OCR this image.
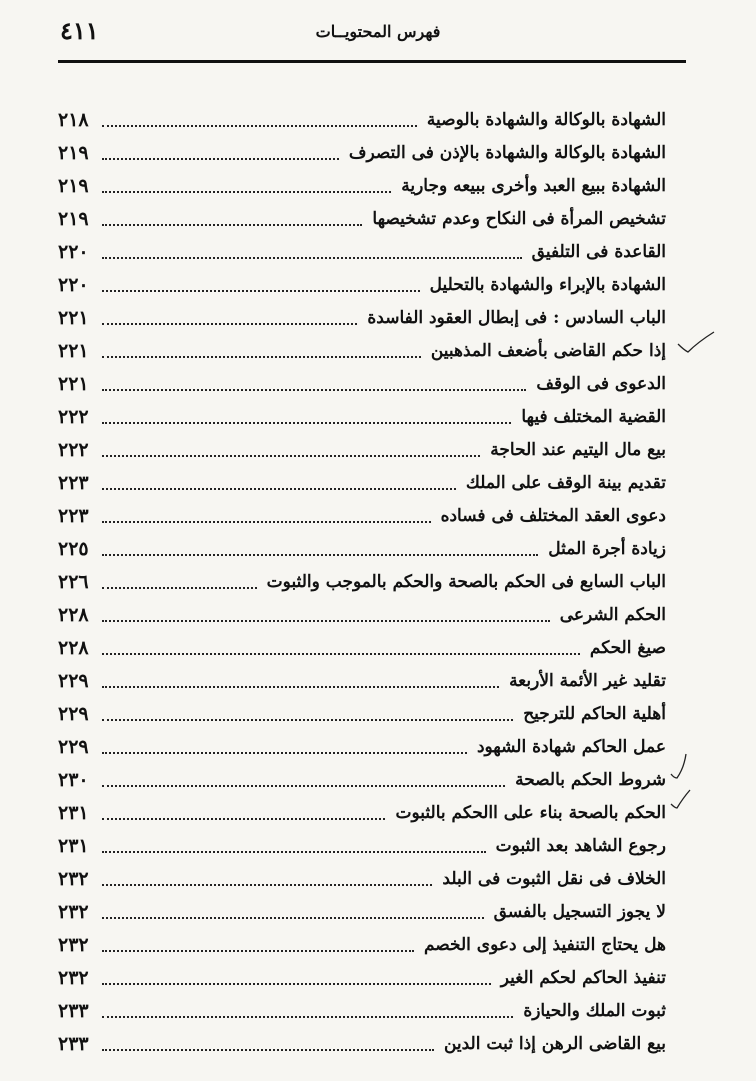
٤١١	فهرس المحتويــات
الشهادة بالوكالة والشهادة بالوصية
٢١٨
الشهادة بالوكالة والشهادة بالإذن فى التصرف
٢١٩
الشهادة ببيع العبد وأخرى ببيعه وجارية
٢١٩
تشخيص المرأة فى النكاح وعدم تشخيصها
٢١٩
القاعدة فى التلفيق
٢٢٠
الشهادة بالإبراء والشهادة بالتحليل
٢٢٠
الباب السادس : فى إبطال العقود الفاسدة
٢٢١
إذا حكم القاضى بأضعف المذهبين
٢٢١
الدعوى فى الوقف
٢٢١
القضية المختلف فيها
٢٢٢
بيع مال اليتيم عند الحاجة
٢٢٢
تقديم بينة الوقف على الملك
٢٢٣
دعوى العقد المختلف فى فساده
٢٢٣
زيادة أجرة المثل
٢٢٥
الباب السابع فى الحكم بالصحة والحكم بالموجب والثبوت
٢٢٦
الحكم الشرعى
٢٢٨
صيغ الحكم
٢٢٨
تقليد غير الأئمة الأربعة
٢٢٩
أهلية الحاكم للترجيح
٢٢٩
عمل الحاكم شهادة الشهود
٢٢٩
شروط الحكم بالصحة
٢٣٠
الحكم بالصحة بناء على االحكم بالثبوت
٢٣١
رجوع الشاهد بعد الثبوت
٢٣١
الخلاف فى نقل الثبوت فى البلد
٢٣٢
لا يجوز التسجيل بالفسق
٢٣٢
هل يحتاج التنفيذ إلى دعوى الخصم
٢٣٢
تنفيذ الحاكم لحكم الغير
٢٣٢
ثبوت الملك والحيازة
٢٣٣
بيع القاضى الرهن إذا ثبت الدين
٢٣٣
